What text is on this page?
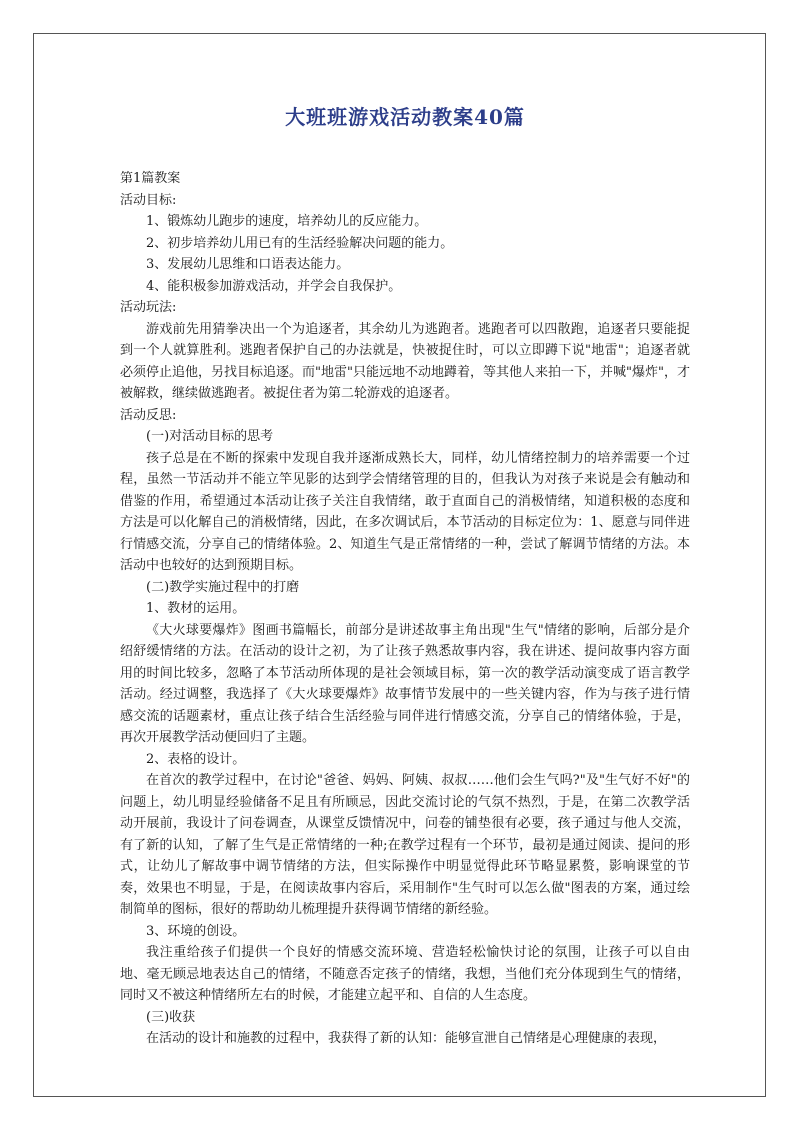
大班班游戏活动教案40篇

第1篇教案

活动目标:

1、锻炼幼儿跑步的速度，培养幼儿的反应能力。

2、初步培养幼儿用已有的生活经验解决问题的能力。

3、发展幼儿思维和口语表达能力。

4、能积极参加游戏活动，并学会自我保护。

活动玩法:

游戏前先用猜拳决出一个为追逐者，其余幼儿为逃跑者。逃跑者可以四散跑，追逐者只要能捉到一个人就算胜利。逃跑者保护自己的办法就是，快被捉住时，可以立即蹲下说"地雷"；追逐者就必须停止追他，另找目标追逐。而"地雷"只能远地不动地蹲着，等其他人来拍一下，并喊"爆炸"，才被解救，继续做逃跑者。被捉住者为第二轮游戏的追逐者。

活动反思:

(一)对活动目标的思考

孩子总是在不断的探索中发现自我并逐渐成熟长大，同样，幼儿情绪控制力的培养需要一个过程，虽然一节活动并不能立竿见影的达到学会情绪管理的目的，但我认为对孩子来说是会有触动和借鉴的作用，希望通过本活动让孩子关注自我情绪，敢于直面自己的消极情绪，知道积极的态度和方法是可以化解自己的消极情绪，因此，在多次调试后，本节活动的目标定位为：1、愿意与同伴进行情感交流，分享自己的情绪体验。2、知道生气是正常情绪的一种，尝试了解调节情绪的方法。本活动中也较好的达到预期目标。

(二)教学实施过程中的打磨

1、教材的运用。

《大火球要爆炸》图画书篇幅长，前部分是讲述故事主角出现"生气"情绪的影响，后部分是介绍舒缓情绪的方法。在活动的设计之初，为了让孩子熟悉故事内容，我在讲述、提问故事内容方面用的时间比较多，忽略了本节活动所体现的是社会领域目标，第一次的教学活动演变成了语言教学活动。经过调整，我选择了《大火球要爆炸》故事情节发展中的一些关键内容，作为与孩子进行情感交流的话题素材，重点让孩子结合生活经验与同伴进行情感交流，分享自己的情绪体验，于是，再次开展教学活动便回归了主题。

2、表格的设计。

在首次的教学过程中，在讨论"爸爸、妈妈、阿姨、叔叔……他们会生气吗?"及"生气好不好"的问题上，幼儿明显经验储备不足且有所顾忌，因此交流讨论的气氛不热烈，于是，在第二次教学活动开展前，我设计了问卷调查，从课堂反馈情况中，问卷的铺垫很有必要，孩子通过与他人交流，有了新的认知，了解了生气是正常情绪的一种;在教学过程有一个环节，最初是通过阅读、提问的形式，让幼儿了解故事中调节情绪的方法，但实际操作中明显觉得此环节略显累赘，影响课堂的节奏，效果也不明显，于是，在阅读故事内容后，采用制作"生气时可以怎么做"图表的方案，通过绘制简单的图标，很好的帮助幼儿梳理提升获得调节情绪的新经验。

3、环境的创设。

我注重给孩子们提供一个良好的情感交流环境、营造轻松愉快讨论的氛围，让孩子可以自由地、毫无顾忌地表达自己的情绪，不随意否定孩子的情绪，我想，当他们充分体现到生气的情绪，同时又不被这种情绪所左右的时候，才能建立起平和、自信的人生态度。

(三)收获

在活动的设计和施教的过程中，我获得了新的认知：能够宣泄自己情绪是心理健康的表现，
